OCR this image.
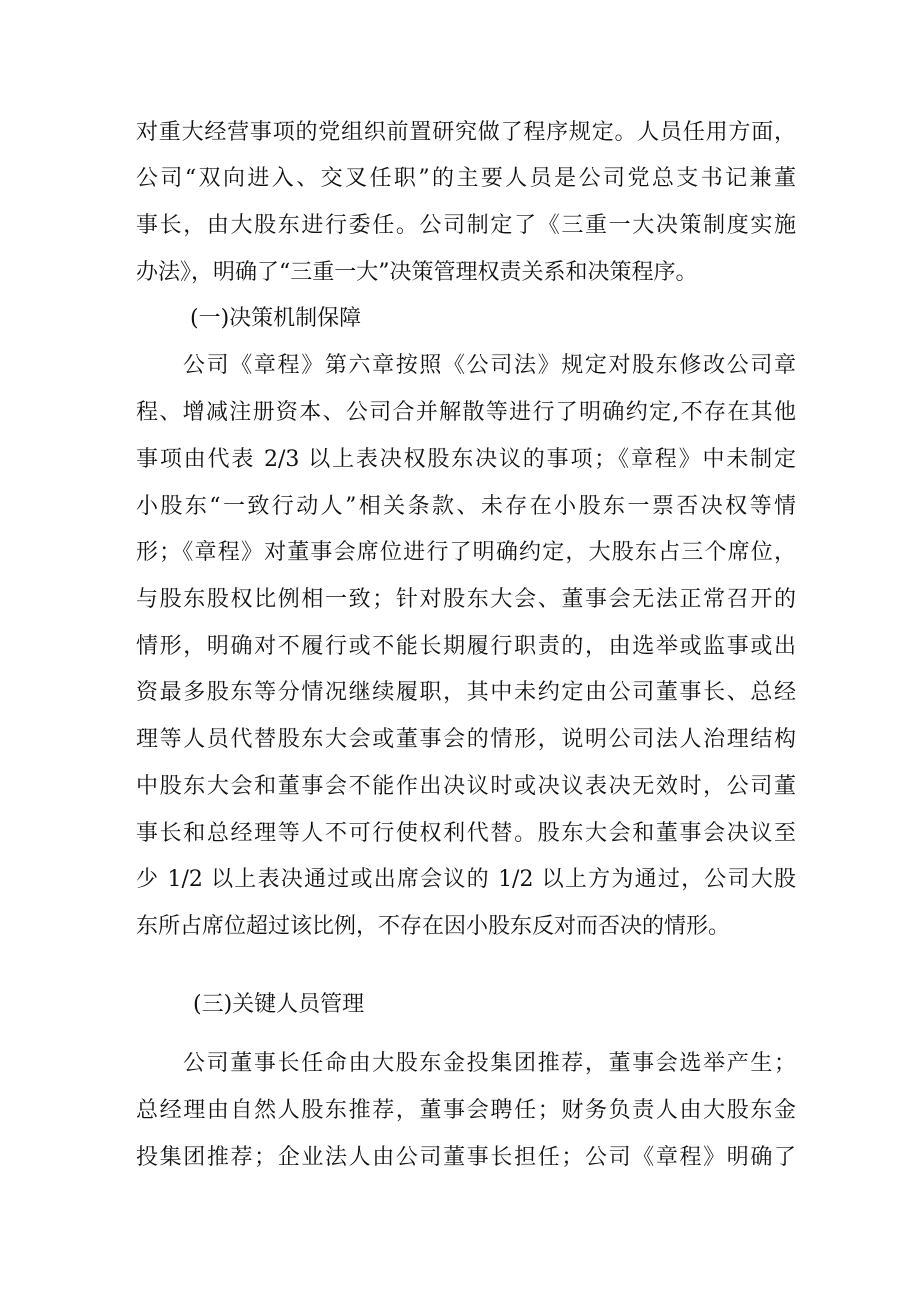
对重大经营事项的党组织前置研究做了程序规定。人员任用方面，
公司“双向进入、交叉任职”的主要人员是公司党总支书记兼董
事长，由大股东进行委任。公司制定了《三重一大决策制度实施
办法》，明确了“三重一大”决策管理权责关系和决策程序。
(一)决策机制保障
公司《章程》第六章按照《公司法》规定对股东修改公司章
程、增减注册资本、公司合并解散等进行了明确约定,不存在其他
事项由代表 2/3 以上表决权股东决议的事项；《章程》中未制定
小股东“一致行动人”相关条款、未存在小股东一票否决权等情
形；《章程》对董事会席位进行了明确约定，大股东占三个席位，
与股东股权比例相一致；针对股东大会、董事会无法正常召开的
情形，明确对不履行或不能长期履行职责的，由选举或监事或出
资最多股东等分情况继续履职，其中未约定由公司董事长、总经
理等人员代替股东大会或董事会的情形，说明公司法人治理结构
中股东大会和董事会不能作出决议时或决议表决无效时，公司董
事长和总经理等人不可行使权利代替。股东大会和董事会决议至
少 1/2 以上表决通过或出席会议的 1/2 以上方为通过，公司大股
东所占席位超过该比例，不存在因小股东反对而否决的情形。
(三)关键人员管理
公司董事长任命由大股东金投集团推荐，董事会选举产生；
总经理由自然人股东推荐，董事会聘任；财务负责人由大股东金
投集团推荐；企业法人由公司董事长担任；公司《章程》明确了
